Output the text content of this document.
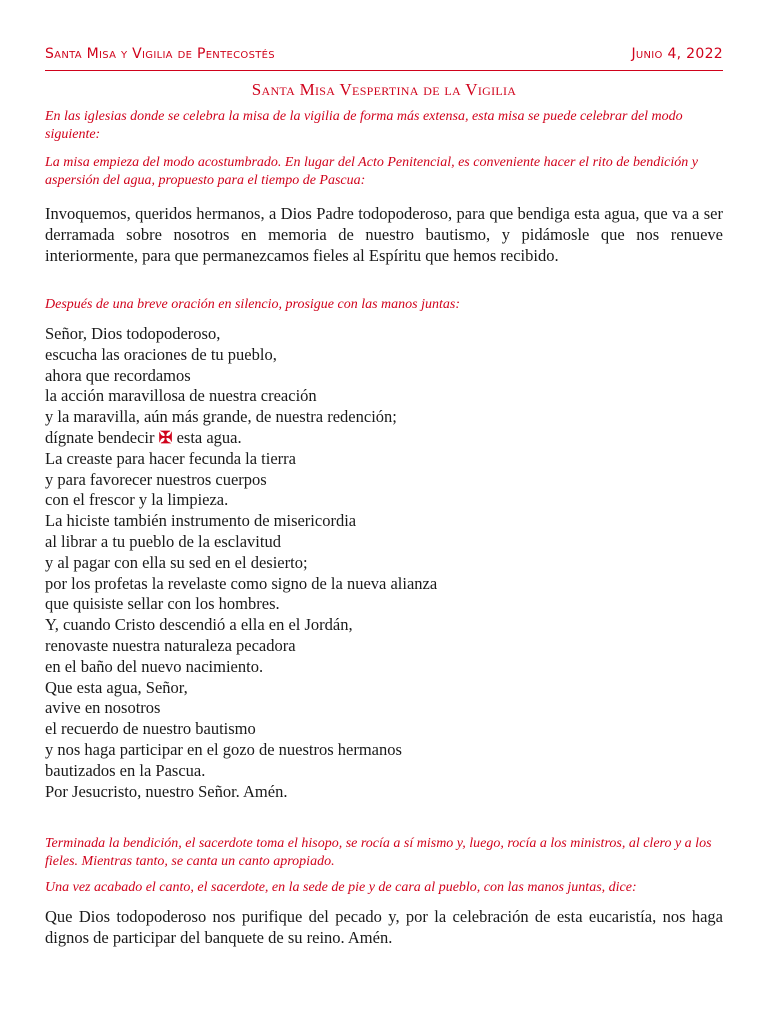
Santa Misa y Vigilia de Pentecostés	Junio 4, 2022
Santa Misa Vespertina de la Vigilia
En las iglesias donde se celebra la misa de la vigilia de forma más extensa, esta misa se puede celebrar del modo siguiente:
La misa empieza del modo acostumbrado. En lugar del Acto Penitencial, es conveniente hacer el rito de bendición y aspersión del agua, propuesto para el tiempo de Pascua:
Invoquemos, queridos hermanos, a Dios Padre todopoderoso, para que bendiga esta agua, que va a ser derramada sobre nosotros en memoria de nuestro bautismo, y pidámosle que nos renueve interiormente, para que permanezcamos fieles al Espíritu que hemos recibido.
Después de una breve oración en silencio, prosigue con las manos juntas:
Señor, Dios todopoderoso,
escucha las oraciones de tu pueblo,
ahora que recordamos
la acción maravillosa de nuestra creación
y la maravilla, aún más grande, de nuestra redención;
dígnate bendecir ✠ esta agua.
La creaste para hacer fecunda la tierra
y para favorecer nuestros cuerpos
con el frescor y la limpieza.
La hiciste también instrumento de misericordia
al librar a tu pueblo de la esclavitud
y al pagar con ella su sed en el desierto;
por los profetas la revelaste como signo de la nueva alianza
que quisiste sellar con los hombres.
Y, cuando Cristo descendió a ella en el Jordán,
renovaste nuestra naturaleza pecadora
en el baño del nuevo nacimiento.
Que esta agua, Señor,
avive en nosotros
el recuerdo de nuestro bautismo
y nos haga participar en el gozo de nuestros hermanos
bautizados en la Pascua.
Por Jesucristo, nuestro Señor. Amén.
Terminada la bendición, el sacerdote toma el hisopo, se rocía a sí mismo y, luego, rocía a los ministros, al clero y a los fieles. Mientras tanto, se canta un canto apropiado.
Una vez acabado el canto, el sacerdote, en la sede de pie y de cara al pueblo, con las manos juntas, dice:
Que Dios todopoderoso nos purifique del pecado y, por la celebración de esta eucaristía, nos haga dignos de participar del banquete de su reino. Amén.
